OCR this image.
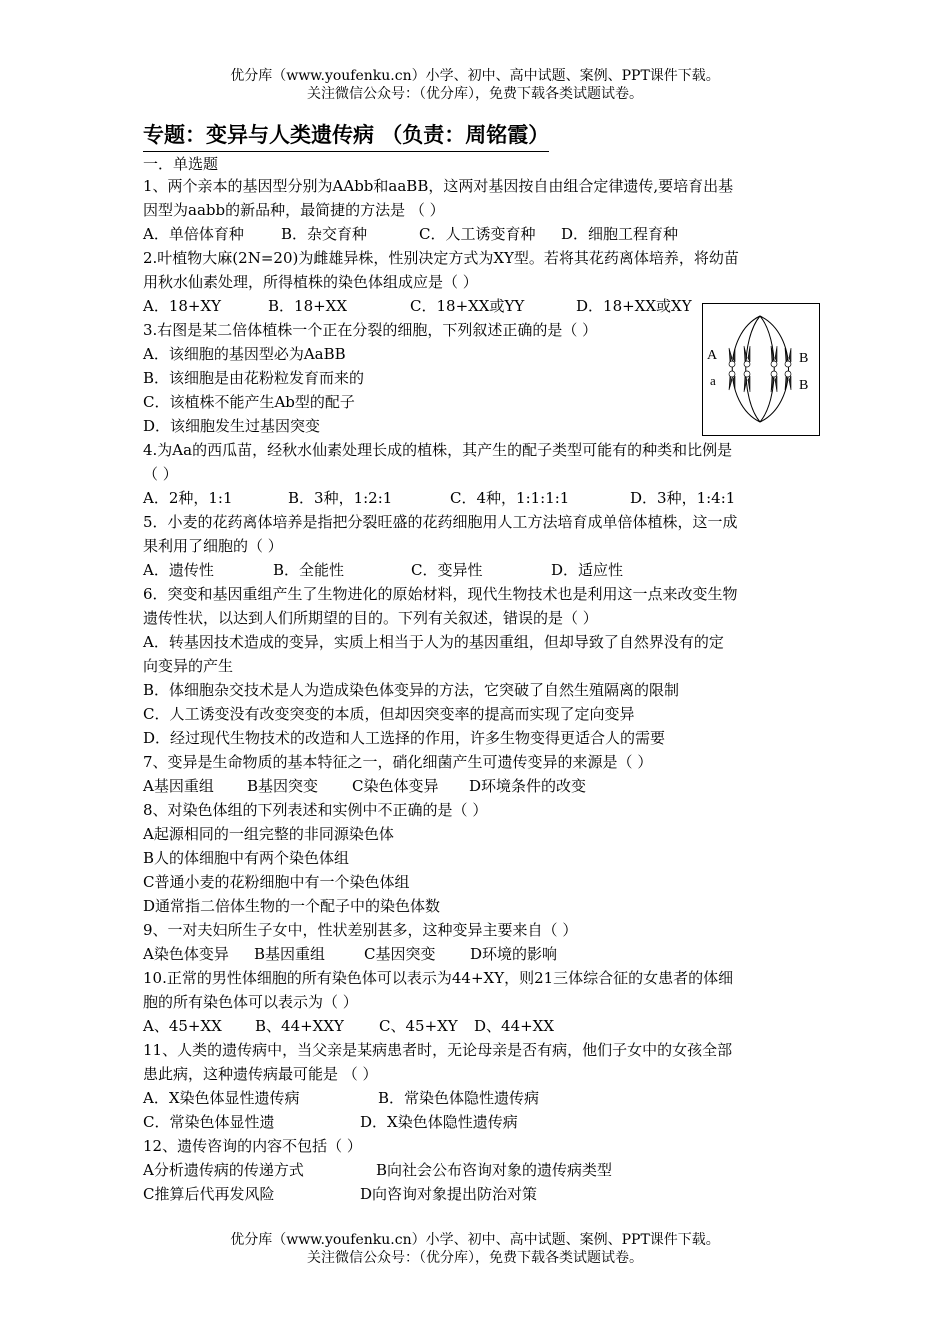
优分库（www.youfenku.cn）小学、初中、高中试题、案例、PPT课件下载。
关注微信公众号：（优分库），免费下载各类试题试卷。
专题：变异与人类遗传病 （负责：周铭霞）
一．单选题
1、两个亲本的基因型分别为AAbb和aaBB，这两对基因按自由组合定律遗传,要培育出基
因型为aabb的新品种，最简捷的方法是 （ ）
A．单倍体育种 B．杂交育种	C．人工诱变育种 D．细胞工程育种
2.叶植物大麻(2N=20)为雌雄异株，性别决定方式为XY型。若将其花药离体培养，将幼苗
用秋水仙素处理，所得植株的染色体组成应是（ ）
A．18+XY	B．18+XX	C．18+XX或YY	D．18+XX或XY
3.右图是某二倍体植株一个正在分裂的细胞，下列叙述正确的是（ ）
A．该细胞的基因型必为AaBB
B．该细胞是由花粉粒发育而来的
C．该植株不能产生Ab型的配子
D．该细胞发生过基因突变
4.为Aa的西瓜苗，经秋水仙素处理长成的植株，其产生的配子类型可能有的种类和比例是
（ ）
A．2种，1:1	B．3种，1:2:1	C．4种，1:1:1:1	D．3种，1:4:1
5．小麦的花药离体培养是指把分裂旺盛的花药细胞用人工方法培育成单倍体植株，这一成
果利用了细胞的（ ）
A．遗传性	B．全能性	C．变异性	D．适应性
6．突变和基因重组产生了生物进化的原始材料，现代生物技术也是利用这一点来改变生物
遗传性状，以达到人们所期望的目的。下列有关叙述，错误的是（ ）
A．转基因技术造成的变异，实质上相当于人为的基因重组，但却导致了自然界没有的定
向变异的产生
B．体细胞杂交技术是人为造成染色体变异的方法，它突破了自然生殖隔离的限制
C．人工诱变没有改变突变的本质，但却因突变率的提高而实现了定向变异
D．经过现代生物技术的改造和人工选择的作用，许多生物变得更适合人的需要
7、变异是生命物质的基本特征之一，硝化细菌产生可遗传变异的来源是（ ）
A基因重组 B基因突变 C染色体变异 D环境条件的改变
8、对染色体组的下列表述和实例中不正确的是（ ）
A起源相同的一组完整的非同源染色体
B人的体细胞中有两个染色体组
C普通小麦的花粉细胞中有一个染色体组
D通常指二倍体生物的一个配子中的染色体数
9、一对夫妇所生子女中，性状差别甚多，这种变异主要来自（ ）
A染色体变异 B基因重组	C基因突变 D环境的影响
10.正常的男性体细胞的所有染色体可以表示为44+XY，则21三体综合征的女患者的体细
胞的所有染色体可以表示为（ ）
A、45+XX B、44+XXY C、45+XY D、44+XX
11、人类的遗传病中，当父亲是某病患者时，无论母亲是否有病，他们子女中的女孩全部
患此病，这种遗传病最可能是 （ ）
A．X染色体显性遗传病	B．常染色体隐性遗传病
C．常染色体显性遗	D．X染色体隐性遗传病
12、遗传咨询的内容不包括（ ）
A分析遗传病的传递方式	B向社会公布咨询对象的遗传病类型
C推算后代再发风险	D向咨询对象提出防治对策
A
a
B
B
优分库（www.youfenku.cn）小学、初中、高中试题、案例、PPT课件下载。
关注微信公众号：（优分库），免费下载各类试题试卷。
